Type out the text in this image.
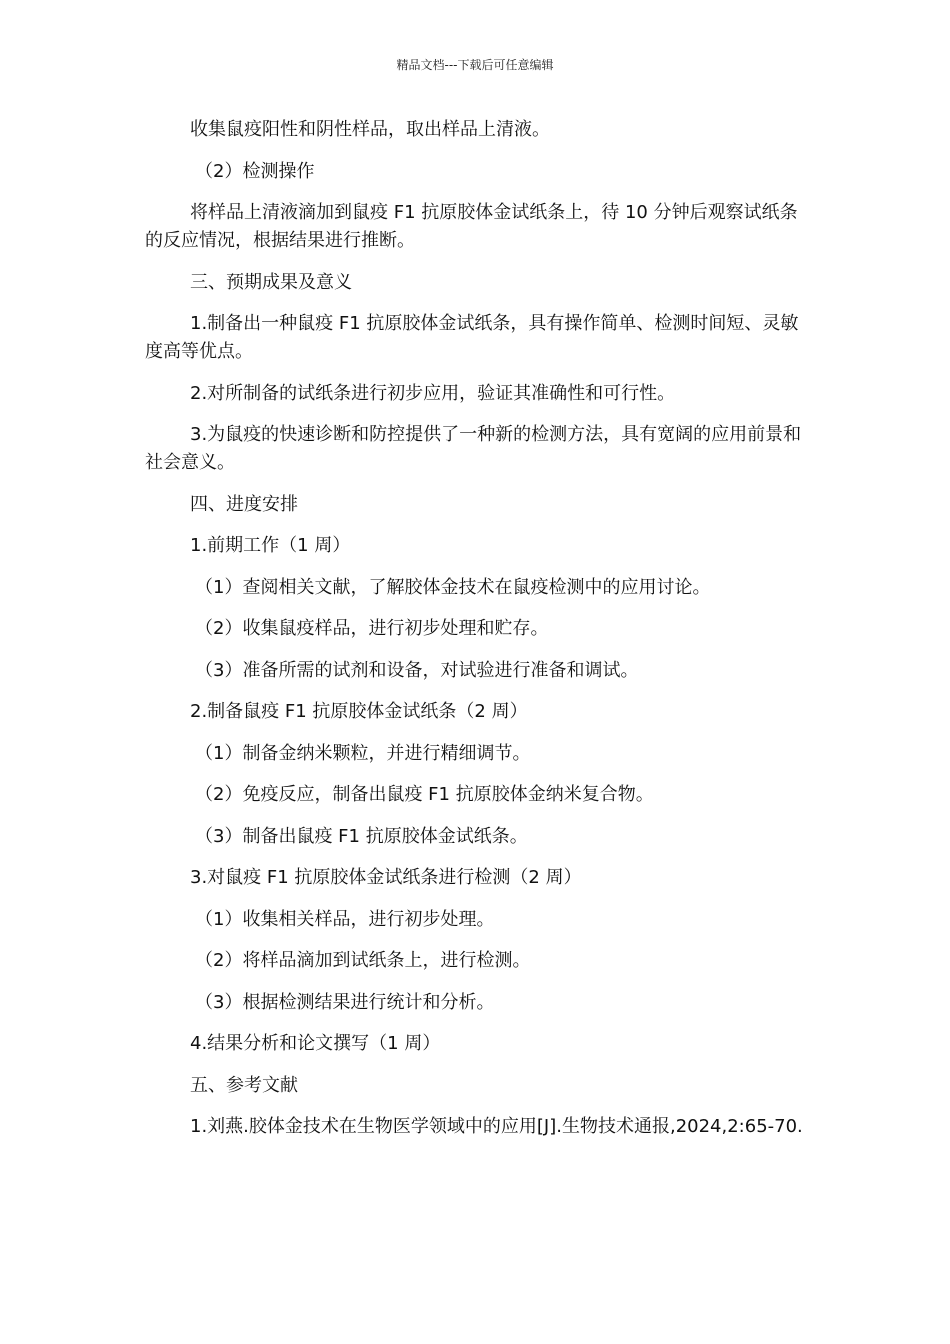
精品文档---下载后可任意编辑

收集鼠疫阳性和阴性样品，取出样品上清液。

（2）检测操作

将样品上清液滴加到鼠疫 F1 抗原胶体金试纸条上，待 10 分钟后观察试纸条的反应情况，根据结果进行推断。

三、预期成果及意义

1.制备出一种鼠疫 F1 抗原胶体金试纸条，具有操作简单、检测时间短、灵敏度高等优点。

2.对所制备的试纸条进行初步应用，验证其准确性和可行性。

3.为鼠疫的快速诊断和防控提供了一种新的检测方法，具有宽阔的应用前景和社会意义。

四、进度安排

1.前期工作（1 周）

（1）查阅相关文献，了解胶体金技术在鼠疫检测中的应用讨论。

（2）收集鼠疫样品，进行初步处理和贮存。

（3）准备所需的试剂和设备，对试验进行准备和调试。

2.制备鼠疫 F1 抗原胶体金试纸条（2 周）

（1）制备金纳米颗粒，并进行精细调节。

（2）免疫反应，制备出鼠疫 F1 抗原胶体金纳米复合物。

（3）制备出鼠疫 F1 抗原胶体金试纸条。

3.对鼠疫 F1 抗原胶体金试纸条进行检测（2 周）

（1）收集相关样品，进行初步处理。

（2）将样品滴加到试纸条上，进行检测。

（3）根据检测结果进行统计和分析。

4.结果分析和论文撰写（1 周）

五、参考文献

1.刘燕.胶体金技术在生物医学领域中的应用[J].生物技术通报,2024,2:65-70.
